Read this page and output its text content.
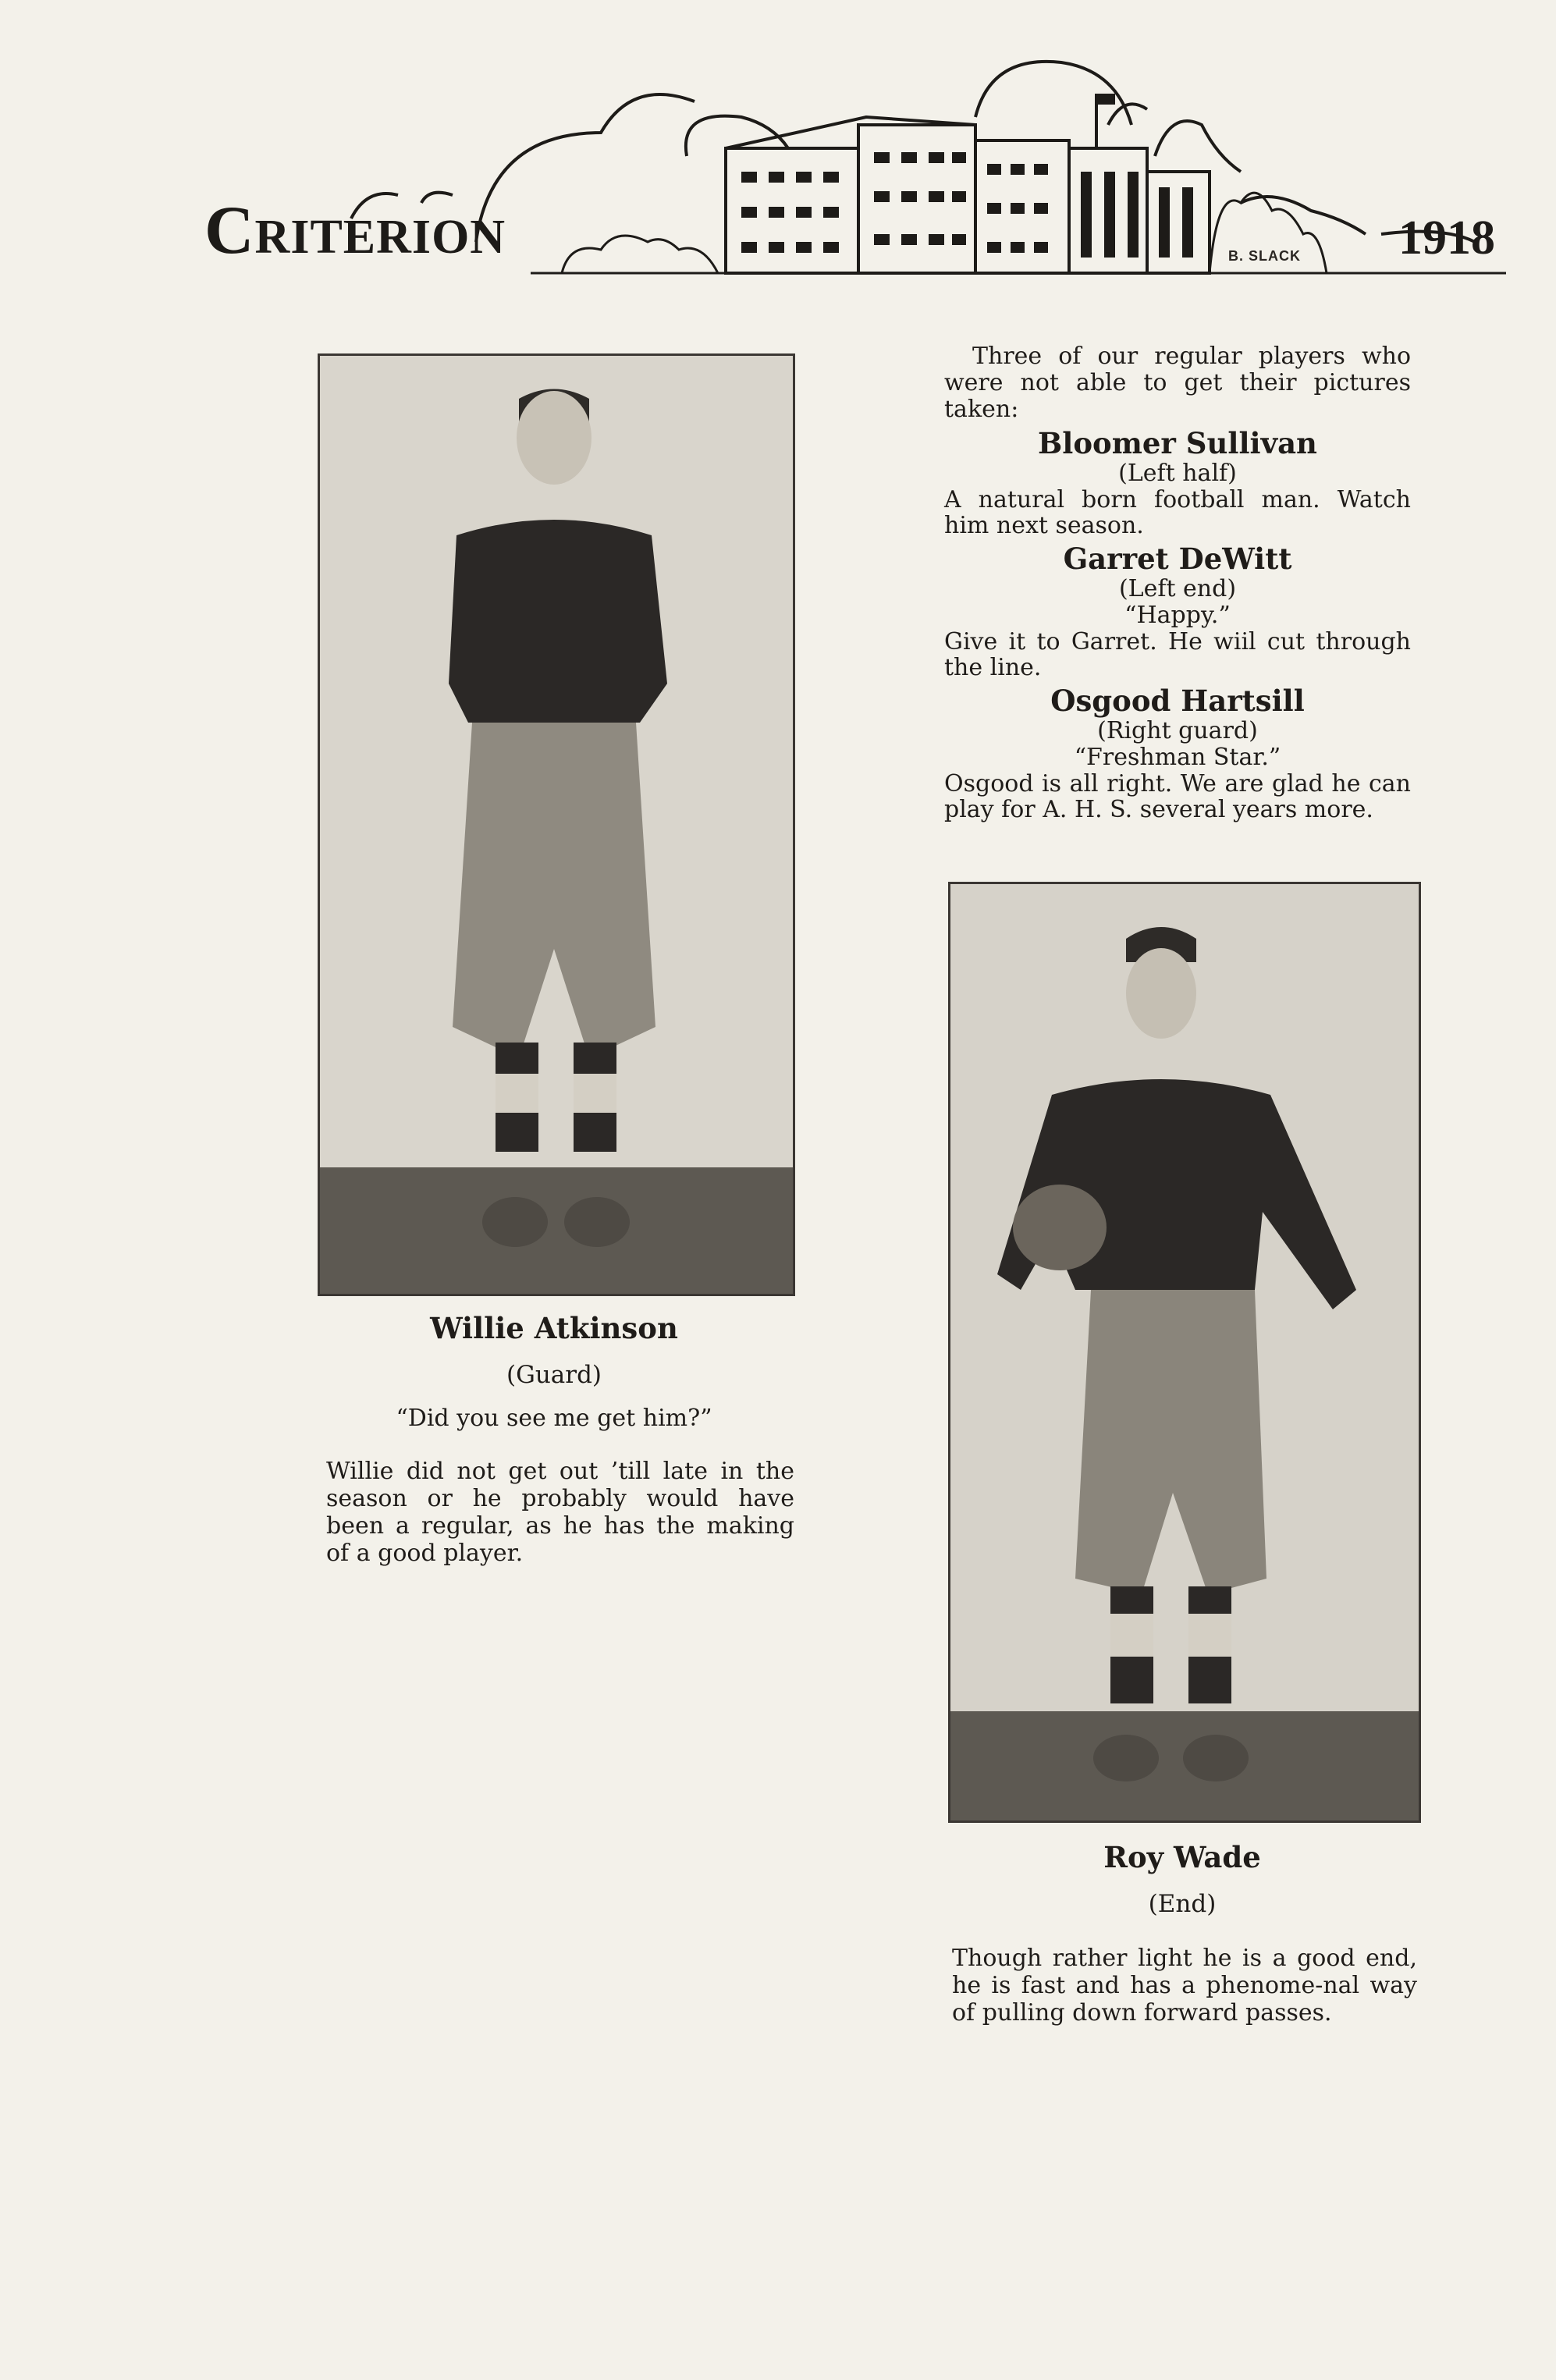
Criterion	1918
B. SLACK
Willie Atkinson
(Guard)
“Did you see me get him?”
Willie did not get out ’till late in the season or he probably would have been a regular, as he has the making of a good player.

Three of our regular players who were not able to get their pictures taken:

Bloomer Sullivan
(Left half)
A natural born football man. Watch him next season.
Garret DeWitt
(Left end)
“Happy.”
Give it to Garret. He wiil cut through the line.
Osgood Hartsill
(Right guard)
“Freshman Star.”
Osgood is all right. We are glad he can play for A. H. S. several years more.
Roy Wade
(End)
Though rather light he is a good end, he is fast and has a phenome-nal way of pulling down forward passes.
